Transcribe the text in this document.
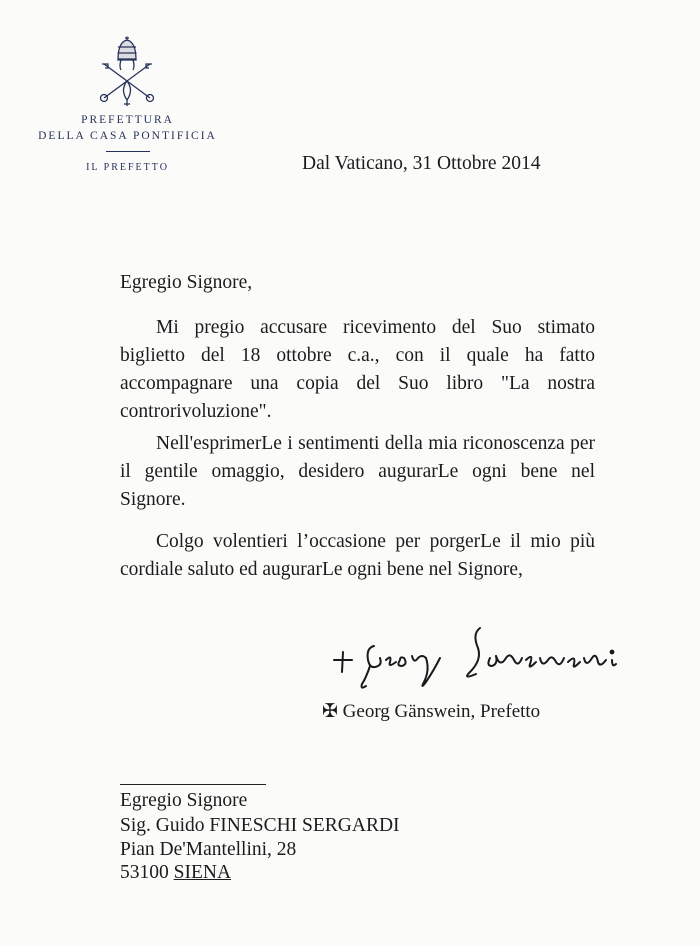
PREFETTURA
DELLA CASA PONTIFICIA
IL PREFETTO	Dal Vaticano, 31 Ottobre 2014
Egregio Signore,
Mi pregio accusare ricevimento del Suo stimato biglietto del 18 ottobre c.a., con il quale ha fatto accompagnare una copia del Suo libro "La nostra controrivoluzione".
Nell'esprimerLe i sentimenti della mia riconoscenza per il gentile omaggio, desidero augurarLe ogni bene nel Signore.
Colgo volentieri l’occasione per porgerLe il mio più cordiale saluto ed augurarLe ogni bene nel Signore,
✠ Georg Gänswein, Prefetto
Egregio Signore
Sig. Guido FINESCHI SERGARDI
Pian De'Mantellini, 28
53100 SIENA
